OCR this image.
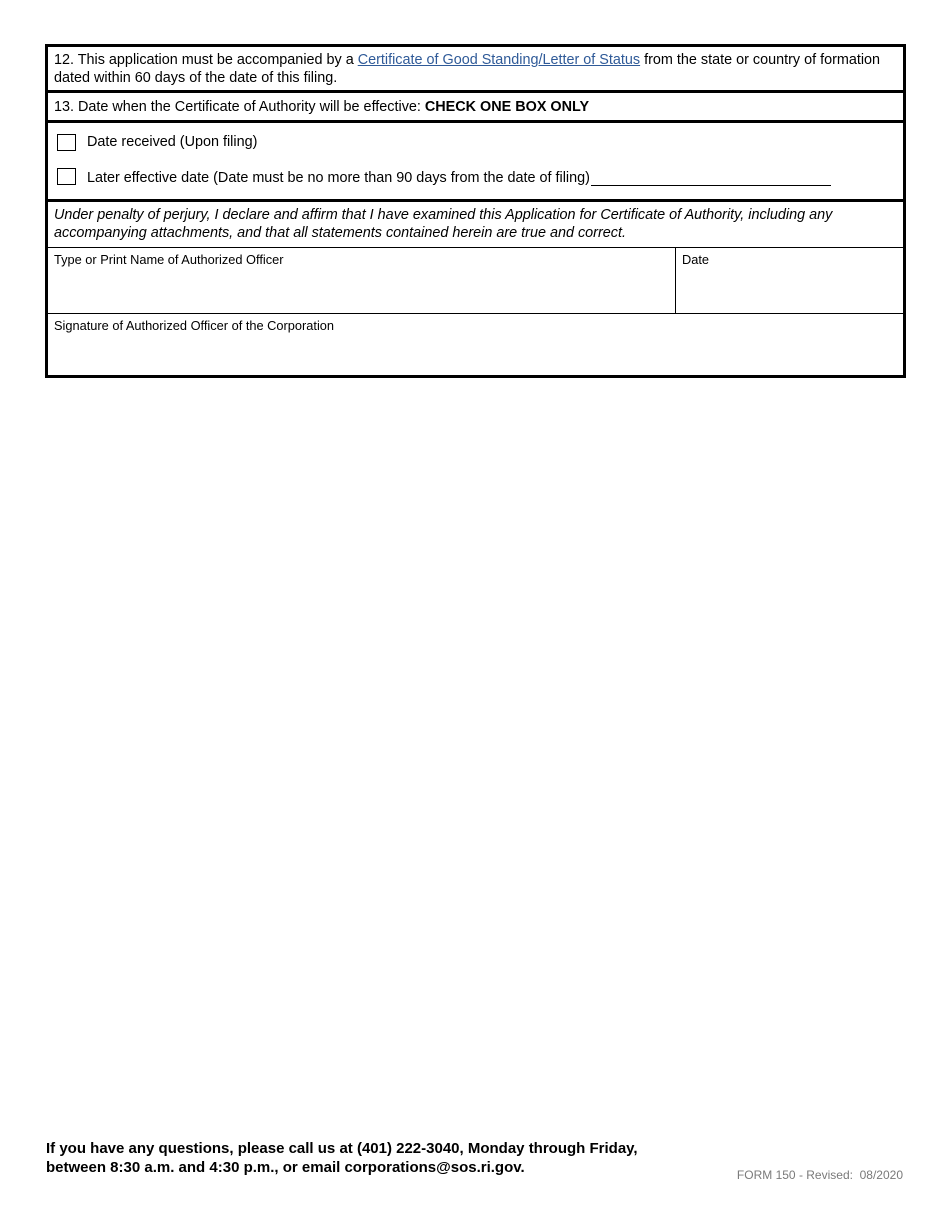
12. This application must be accompanied by a Certificate of Good Standing/Letter of Status from the state or country of formation dated within 60 days of the date of this filing.
13. Date when the Certificate of Authority will be effective: CHECK ONE BOX ONLY
Date received (Upon filing)
Later effective date (Date must be no more than 90 days from the date of filing)
Under penalty of perjury, I declare and affirm that I have examined this Application for Certificate of Authority, including any accompanying attachments, and that all statements contained herein are true and correct.
Type or Print Name of Authorized Officer	Date
Signature of Authorized Officer of the Corporation
If you have any questions, please call us at (401) 222-3040, Monday through Friday,
between 8:30 a.m. and 4:30 p.m., or email corporations@sos.ri.gov.	FORM 150 - Revised:  08/2020
